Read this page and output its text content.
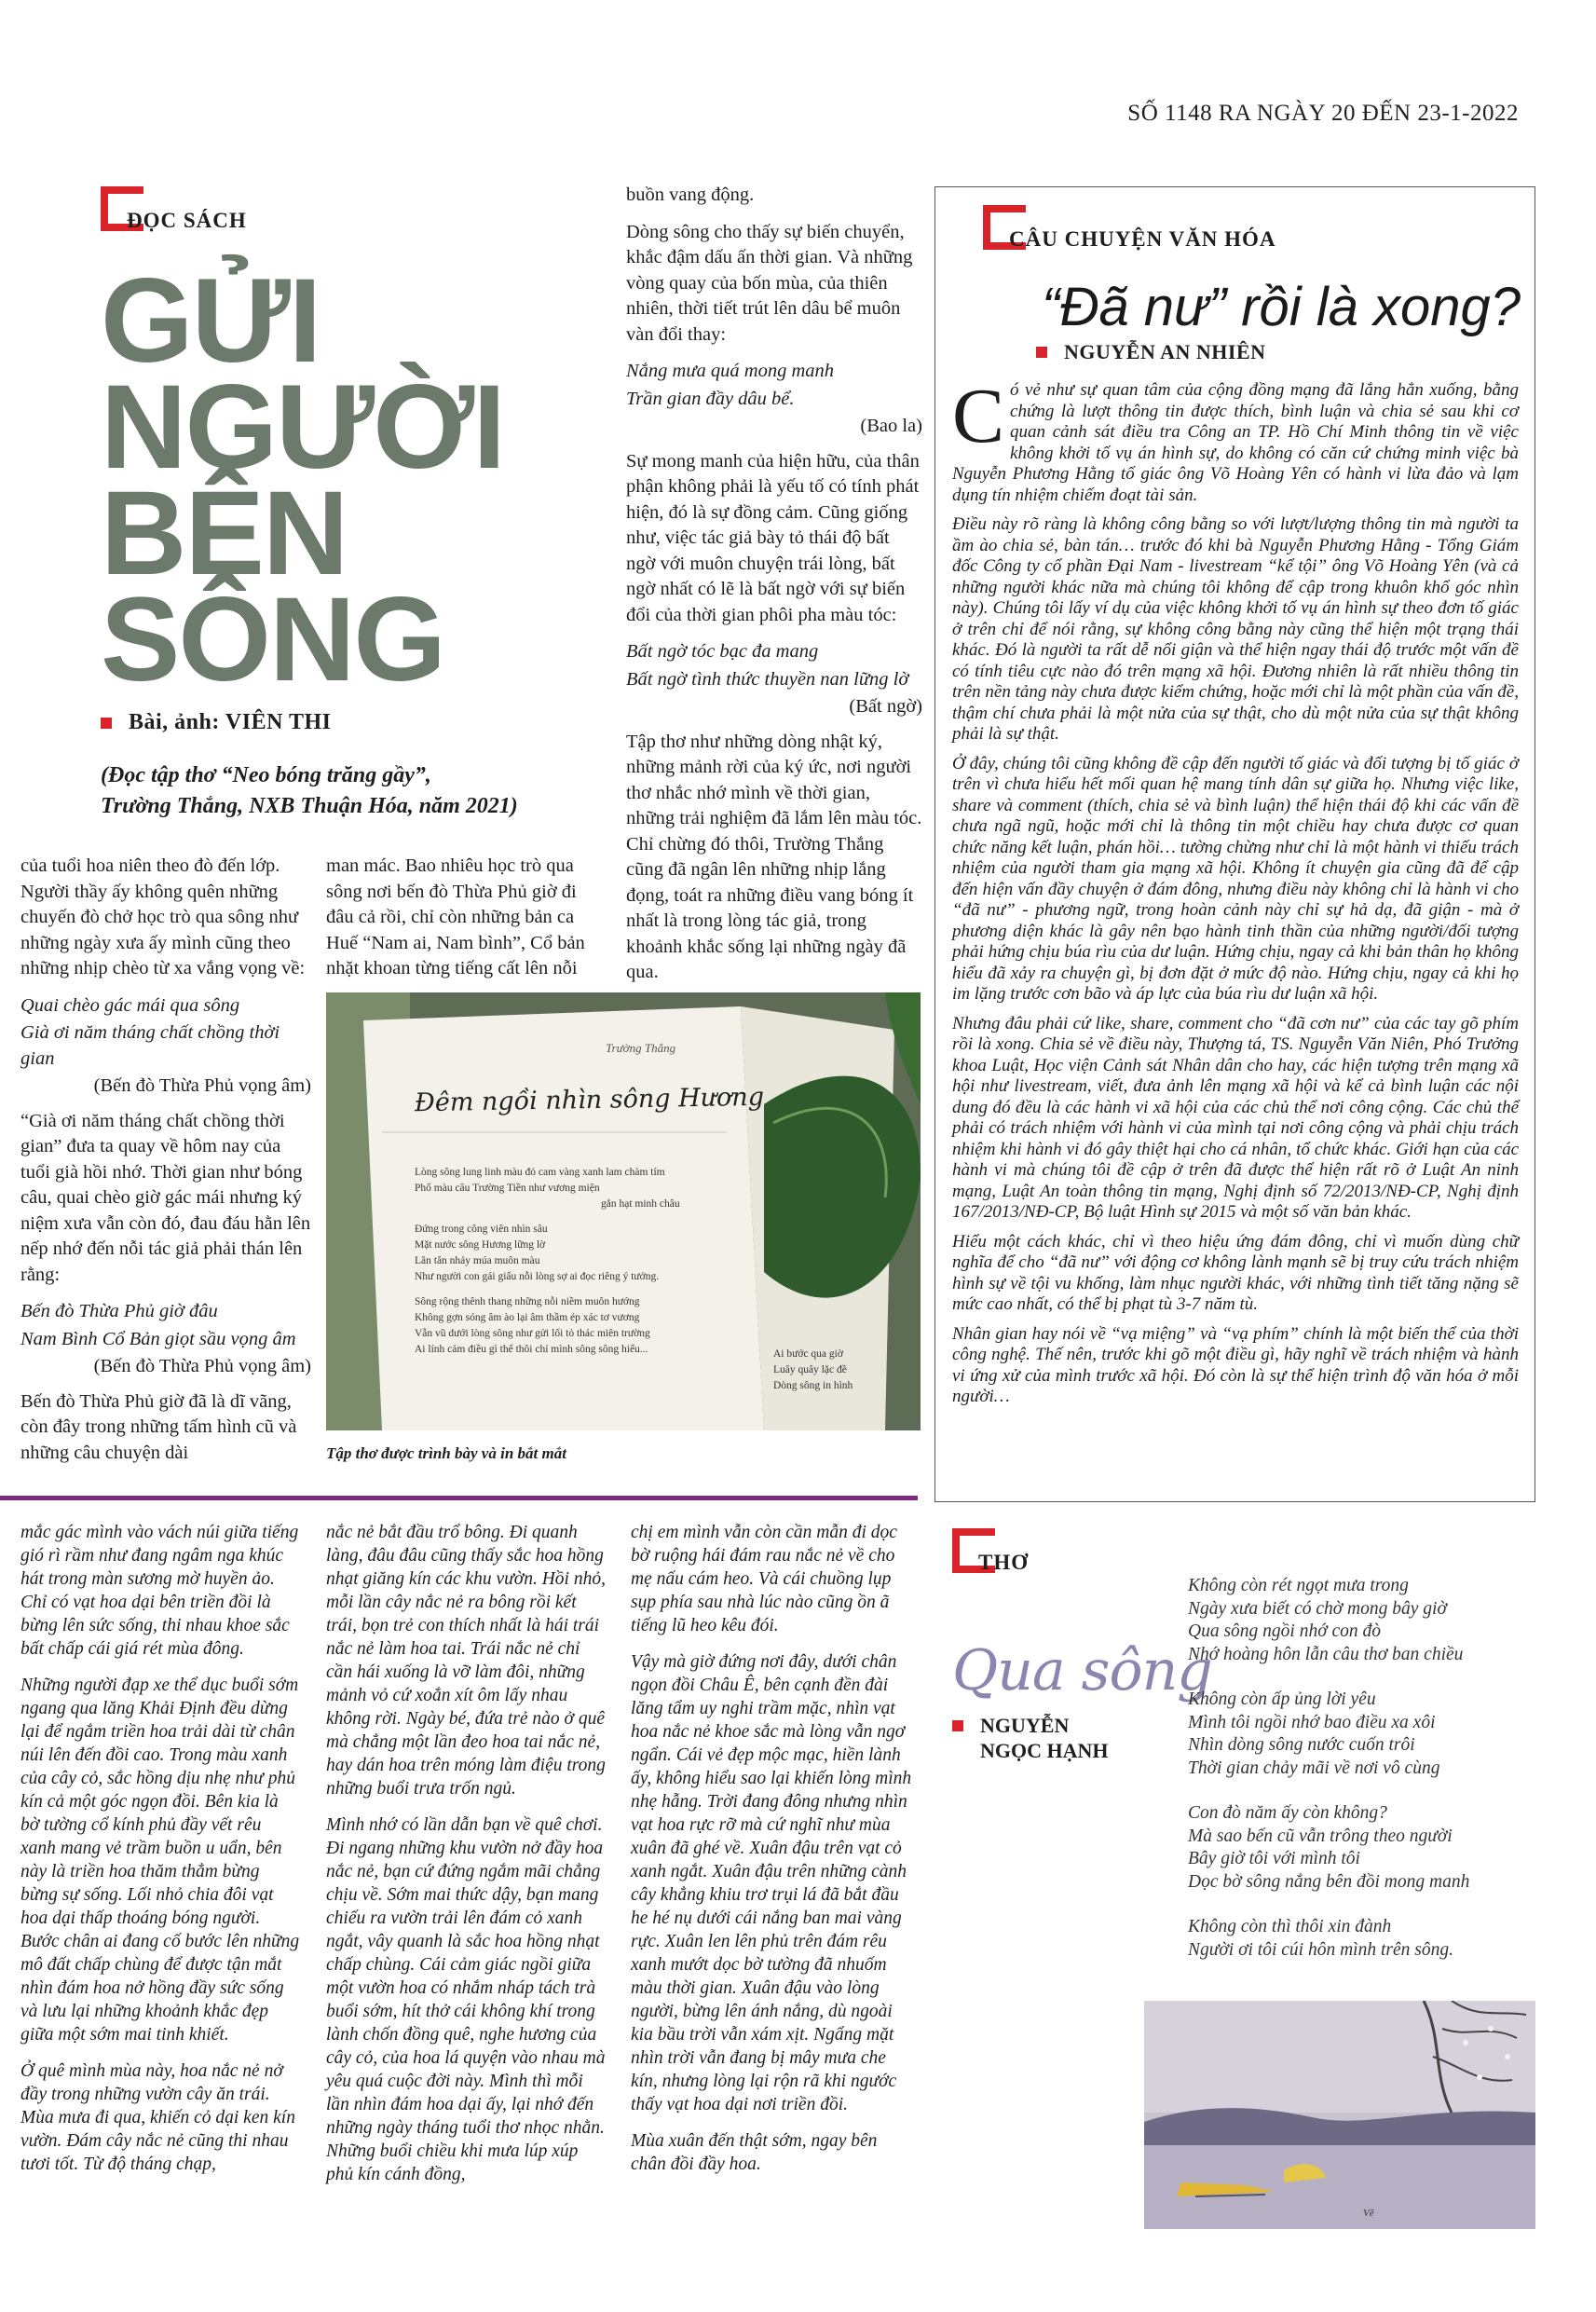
SỐ 1148 RA NGÀY 20 ĐẾN 23-1-2022
ĐỌC SÁCH
GỬI
NGƯỜI
BÊN
SÔNG
Bài, ảnh: VIÊN THI
(Đọc tập thơ “Neo bóng trăng gầy”,
Trường Thắng, NXB Thuận Hóa, năm 2021)

của tuổi hoa niên theo đò đến lớp. Người thầy ấy không quên những chuyến đò chở học trò qua sông như những ngày xưa ấy mình cũng theo những nhịp chèo từ xa vắng vọng về:

Quai chèo gác mái qua sông

Già ơi năm tháng chất chồng thời gian

(Bến đò Thừa Phủ vọng âm)

“Già ơi năm tháng chất chồng thời gian” đưa ta quay về hôm nay của tuổi già hồi nhớ. Thời gian như bóng câu, quai chèo giờ gác mái nhưng ký niệm xưa vẫn còn đó, đau đáu hằn lên nếp nhớ đến nỗi tác giả phải thán lên rằng:

Bến đò Thừa Phủ giờ đâu

Nam Bình Cổ Bản giọt sầu vọng âm

(Bến đò Thừa Phủ vọng âm)

Bến đò Thừa Phủ giờ đã là dĩ vãng, còn đây trong những tấm hình cũ và những câu chuyện dài

man mác. Bao nhiêu học trò qua sông nơi bến đò Thừa Phủ giờ đi đâu cả rồi, chỉ còn những bản ca Huế “Nam ai, Nam bình”, Cổ bản nhặt khoan từng tiếng cất lên nỗi

buồn vang động.

Dòng sông cho thấy sự biến chuyển, khắc đậm dấu ấn thời gian. Và những vòng quay của bốn mùa, của thiên nhiên, thời tiết trút lên dâu bể muôn vàn đổi thay:

Nắng mưa quá mong manh

Trần gian đầy dâu bể.

(Bao la)

Sự mong manh của hiện hữu, của thân phận không phải là yếu tố có tính phát hiện, đó là sự đồng cảm. Cũng giống như, việc tác giả bày tỏ thái độ bất ngờ với muôn chuyện trái lòng, bất ngờ nhất có lẽ là bất ngờ với sự biến đổi của thời gian phôi pha màu tóc:

Bất ngờ tóc bạc đa mang

Bất ngờ tình thức thuyền nan lững lờ

(Bất ngờ)

Tập thơ như những dòng nhật ký, những mảnh rời của ký ức, nơi người thơ nhắc nhớ mình về thời gian, những trải nghiệm đã lắm lên màu tóc. Chỉ chừng đó thôi, Trường Thắng cũng đã ngân lên những nhịp lắng đọng, toát ra những điều vang bóng ít nhất là trong lòng tác giả, trong khoảnh khắc sống lại những ngày đã qua.

Trường Thắng
Đêm ngồi nhìn sông Hương
Lòng sông lung linh màu đỏ cam vàng xanh lam chàm tím
Phố màu câu Trường Tiền như vương miện
gắn hạt minh châu
Đứng trong công viên nhìn sâu
Mặt nước sông Hương lững lờ
Lăn tăn nhảy múa muôn màu
Như người con gái giấu nỗi lòng sợ ai đọc riêng ý tưởng.
Sông rộng thênh thang những nỗi niềm muôn hướng
Không gợn sóng âm ào lại âm thầm ép xác tơ vương
Vẫn vũ dưới lòng sông như gửi lối tỏ thác miên trường
Ai lính cảm điều gì thế thôi chỉ mình sông sông hiểu...	Ai bước qua giờ
Luây quây lặc đề
Dòng sông in hình
Tập thơ được trình bày và in bắt mắt
CÂU CHUYỆN VĂN HÓA
“Đã nư” rồi là xong?
NGUYỄN AN NHIÊN

Có vẻ như sự quan tâm của cộng đồng mạng đã lắng hẳn xuống, bằng chứng là lượt thông tin được thích, bình luận và chia sẻ sau khi cơ quan cảnh sát điều tra Công an TP. Hồ Chí Minh thông tin về việc không khởi tố vụ án hình sự, do không có căn cứ chứng minh việc bà Nguyễn Phương Hằng tố giác ông Võ Hoàng Yên có hành vi lừa đảo và lạm dụng tín nhiệm chiếm đoạt tài sản.

Điều này rõ ràng là không công bằng so với lượt/lượng thông tin mà người ta ầm ào chia sẻ, bàn tán… trước đó khi bà Nguyễn Phương Hằng - Tổng Giám đốc Công ty cổ phần Đại Nam - livestream “kể tội” ông Võ Hoàng Yên (và cả những người khác nữa mà chúng tôi không để cập trong khuôn khổ góc nhìn này). Chúng tôi lấy ví dụ của việc không khởi tố vụ án hình sự theo đơn tố giác ở trên chỉ để nói rằng, sự không công bằng này cũng thể hiện một trạng thái khác. Đó là người ta rất dễ nổi giận và thể hiện ngay thái độ trước một vấn đề có tính tiêu cực nào đó trên mạng xã hội. Đương nhiên là rất nhiều thông tin trên nền tảng này chưa được kiểm chứng, hoặc mới chỉ là một phần của vấn đề, thậm chí chưa phải là một nửa của sự thật, cho dù một nửa của sự thật không phải là sự thật.

Ở đây, chúng tôi cũng không đề cập đến người tố giác và đối tượng bị tố giác ở trên vì chưa hiểu hết mối quan hệ mang tính dân sự giữa họ. Nhưng việc like, share và comment (thích, chia sẻ và bình luận) thể hiện thái độ khi các vấn đề chưa ngã ngũ, hoặc mới chỉ là thông tin một chiều hay chưa được cơ quan chức năng kết luận, phán hồi… tường chừng như chỉ là một hành vi thiếu trách nhiệm của người tham gia mạng xã hội. Không ít chuyện gia cũng đã để cập đến hiện vấn đầy chuyện ở đám đông, nhưng điều này không chỉ là hành vi cho “đã nư” - phương ngữ, trong hoàn cảnh này chỉ sự hả dạ, đã giận - mà ở phương diện khác là gây nên bạo hành tinh thần của những người/đối tượng phải hứng chịu búa rìu của dư luận. Hứng chịu, ngay cả khi bản thân họ không hiểu đã xảy ra chuyện gì, bị đơn đặt ở mức độ nào. Hứng chịu, ngay cả khi họ im lặng trước cơn bão và áp lực của búa rìu dư luận xã hội.

Nhưng đâu phải cứ like, share, comment cho “đã cơn nư” của các tay gõ phím rồi là xong. Chia sẻ về điều này, Thượng tá, TS. Nguyễn Văn Niên, Phó Trưởng khoa Luật, Học viện Cảnh sát Nhân dân cho hay, các hiện tượng trên mạng xã hội như livestream, viết, đưa ảnh lên mạng xã hội và kể cả bình luận các nội dung đó đều là các hành vi xã hội của các chủ thể nơi công cộng. Các chủ thể phải có trách nhiệm với hành vi của mình tại nơi công cộng và phải chịu trách nhiệm khi hành vi đó gây thiệt hại cho cá nhân, tổ chức khác. Giới hạn của các hành vi mà chúng tôi đề cập ở trên đã được thể hiện rất rõ ở Luật An ninh mạng, Luật An toàn thông tin mạng, Nghị định số 72/2013/NĐ-CP, Nghị định 167/2013/NĐ-CP, Bộ luật Hình sự 2015 và một số văn bản khác.

Hiểu một cách khác, chỉ vì theo hiệu ứng đám đông, chỉ vì muốn dùng chữ nghĩa để cho “đã nư” với động cơ không lành mạnh sẽ bị truy cứu trách nhiệm hình sự về tội vu khống, làm nhục người khác, với những tình tiết tăng nặng sẽ mức cao nhất, có thể bị phạt tù 3-7 năm tù.

Nhân gian hay nói về “vạ miệng” và “vạ phím” chính là một biến thể của thời công nghệ. Thế nên, trước khi gõ một điều gì, hãy nghĩ về trách nhiệm và hành vi ứng xử của mình trước xã hội. Đó còn là sự thể hiện trình độ văn hóa ở mỗi người…

mắc gác mình vào vách núi giữa tiếng gió rì rầm như đang ngâm nga khúc hát trong màn sương mờ huyền ảo. Chỉ có vạt hoa dại bên triền đồi là bừng lên sức sống, thi nhau khoe sắc bất chấp cái giá rét mùa đông.

Những người đạp xe thể dục buổi sớm ngang qua lăng Khải Định đều dừng lại để ngắm triền hoa trải dài từ chân núi lên đến đồi cao. Trong màu xanh của cây cỏ, sắc hồng dịu nhẹ như phủ kín cả một góc ngọn đồi. Bên kia là bờ tường cổ kính phủ đầy vết rêu xanh mang vẻ trầm buồn u uẩn, bên này là triền hoa thăm thẳm bừng bừng sự sống. Lối nhỏ chia đôi vạt hoa dại thấp thoáng bóng người. Bước chân ai đang cố bước lên những mô đất chấp chùng để được tận mắt nhìn đám hoa nở hồng đầy sức sống và lưu lại những khoảnh khắc đẹp giữa một sớm mai tinh khiết.

Ở quê mình mùa này, hoa nắc nẻ nở đầy trong những vườn cây ăn trái. Mùa mưa đi qua, khiến cỏ dại ken kín vườn. Đám cây nắc nẻ cũng thi nhau tươi tốt. Từ độ tháng chạp,

nắc nẻ bắt đầu trổ bông. Đi quanh làng, đâu đâu cũng thấy sắc hoa hồng nhạt giăng kín các khu vườn. Hồi nhỏ, mỗi lần cây nắc nẻ ra bông rồi kết trái, bọn trẻ con thích nhất là hái trái nắc nẻ làm hoa tai. Trái nắc nẻ chỉ cần hái xuống là vỡ làm đôi, những mảnh vỏ cứ xoắn xít ôm lấy nhau không rời. Ngày bé, đứa trẻ nào ở quê mà chẳng một lần đeo hoa tai nắc nẻ, hay dán hoa trên móng làm điệu trong những buổi trưa trốn ngủ.

Mình nhớ có lần dẫn bạn về quê chơi. Đi ngang những khu vườn nở đầy hoa nắc nẻ, bạn cứ đứng ngắm mãi chẳng chịu về. Sớm mai thức dậy, bạn mang chiếu ra vườn trải lên đám cỏ xanh ngắt, vây quanh là sắc hoa hồng nhạt chấp chùng. Cái cảm giác ngồi giữa một vườn hoa có nhắm nháp tách trà buổi sớm, hít thở cái không khí trong lành chốn đồng quê, nghe hương của cây cỏ, của hoa lá quyện vào nhau mà yêu quá cuộc đời này. Mình thì mỗi lần nhìn đám hoa dại ấy, lại nhớ đến những ngày tháng tuổi thơ nhọc nhằn. Những buổi chiều khi mưa lúp xúp phủ kín cánh đồng,

chị em mình vẫn còn cần mẫn đi dọc bờ ruộng hái đám rau nắc nẻ về cho mẹ nấu cám heo. Và cái chuồng lụp sụp phía sau nhà lúc nào cũng ồn ã tiếng lũ heo kêu đói.

Vậy mà giờ đứng nơi đây, dưới chân ngọn đồi Châu Ê, bên cạnh đền đài lăng tẩm uy nghi trầm mặc, nhìn vạt hoa nắc nẻ khoe sắc mà lòng vẫn ngơ ngẩn. Cái vẻ đẹp mộc mạc, hiền lành ấy, không hiểu sao lại khiến lòng mình nhẹ hẫng. Trời đang đông nhưng nhìn vạt hoa rực rỡ mà cứ nghĩ như mùa xuân đã ghé về. Xuân đậu trên vạt cỏ xanh ngắt. Xuân đậu trên những cành cây khẳng khiu trơ trụi lá đã bắt đầu he hé nụ dưới cái nắng ban mai vàng rực. Xuân len lên phủ trên đám rêu xanh mướt dọc bờ tường đã nhuốm màu thời gian. Xuân đậu vào lòng người, bừng lên ánh nắng, dù ngoài kia bầu trời vẫn xám xịt. Ngẩng mặt nhìn trời vẫn đang bị mây mưa che kín, nhưng lòng lại rộn rã khi ngước thấy vạt hoa dại nơi triền đồi.

Mùa xuân đến thật sớm, ngay bên chân đồi đầy hoa.

THƠ
Qua sông
NGUYỄN
NGỌC HẠNH
Không còn rét ngọt mưa trong
Ngày xưa biết có chờ mong bây giờ
Qua sông ngồi nhớ con đò
Nhớ hoàng hôn lẫn câu thơ ban chiều
Không còn ấp ủng lời yêu
Mình tôi ngồi nhớ bao điều xa xôi
Nhìn dòng sông nước cuốn trôi
Thời gian chảy mãi về nơi vô cùng
Con đò năm ấy còn không?
Mà sao bến cũ vẫn trông theo người
Bây giờ tôi với mình tôi
Dọc bờ sông nắng bên đồi mong manh
Không còn thì thôi xin đành
Người ơi tôi cúi hôn mình trên sông.
Vẽ
